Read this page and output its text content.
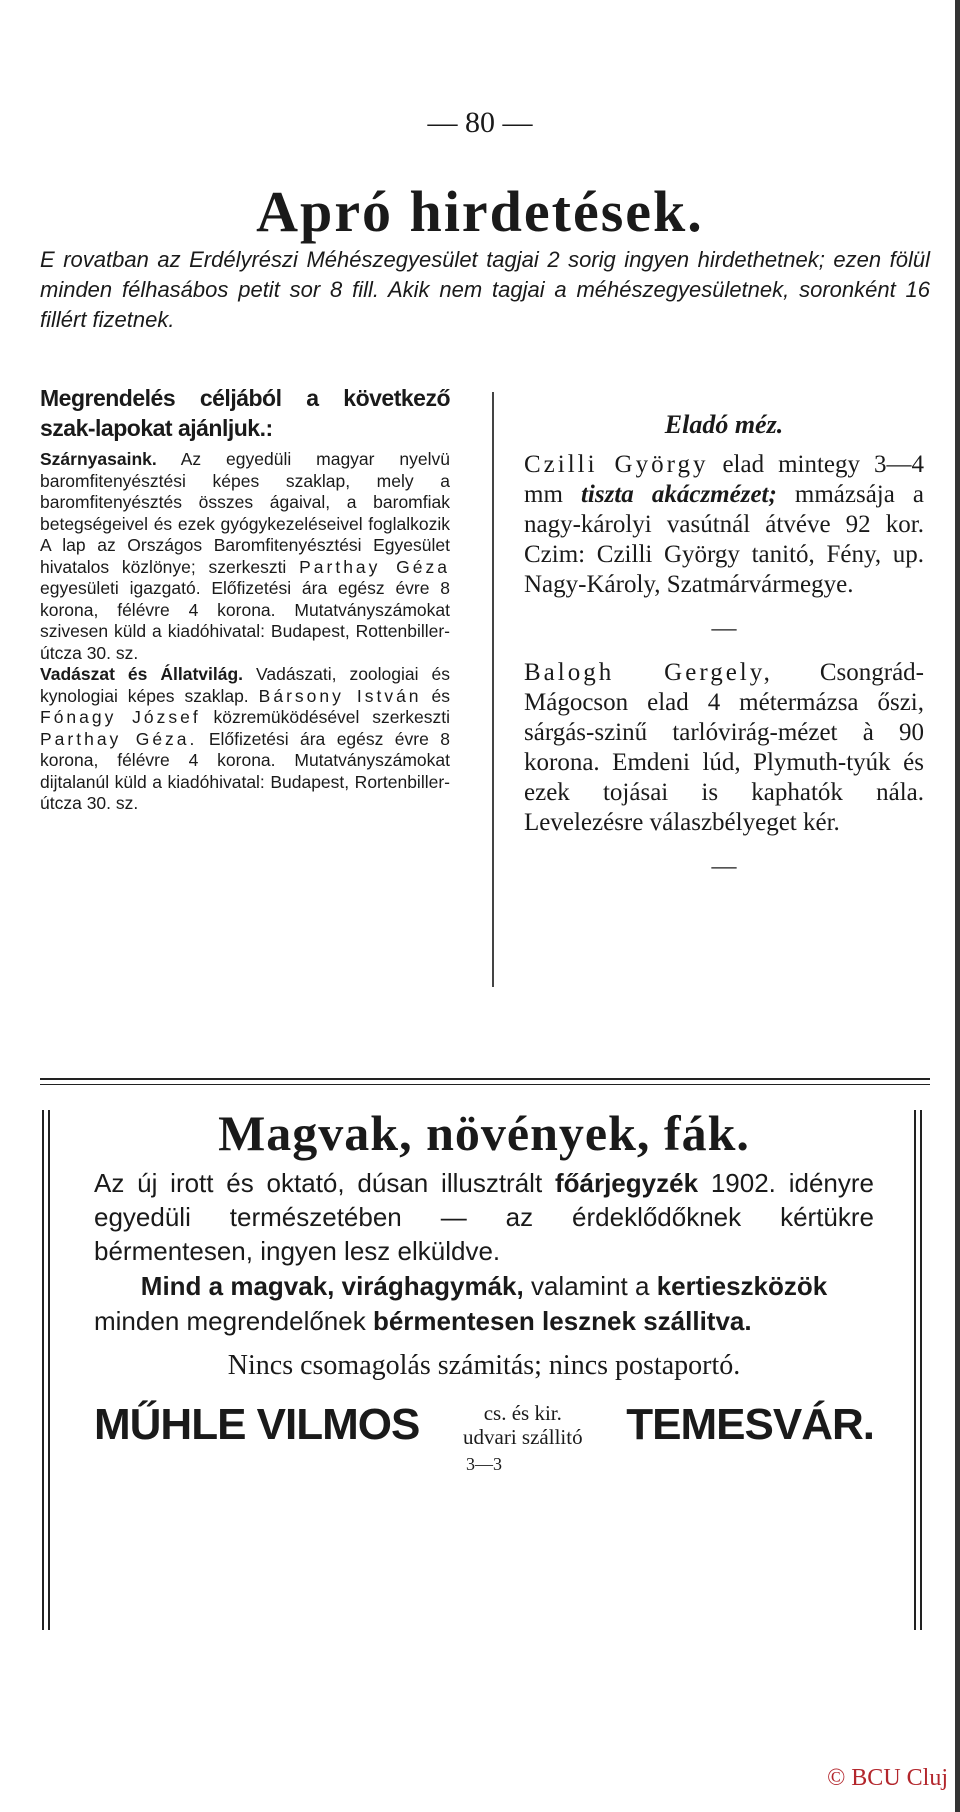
— 80 —
Apró hirdetések.
E rovatban az Erdélyrészi Méhészegyesület tagjai 2 sorig ingyen hirdethetnek; ezen fölül minden félhasábos petit sor 8 fill. Akik nem tagjai a méhészegyesületnek, soronként 16 fillért fizetnek.
Megrendelés céljából a következő szak-lapokat ajánljuk.:

Szárnyasaink. Az egyedüli magyar nyelvü baromfitenyésztési képes szaklap, mely a baromfitenyésztés összes ágaival, a baromfiak betegségeivel és ezek gyógykezeléseivel foglalkozik A lap az Országos Baromfitenyésztési Egyesület hivatalos közlönye; szerkeszti Parthay Géza egyesületi igazgató. Előfizetési ára egész évre 8 korona, félévre 4 korona. Mutatványszámokat szivesen küld a kiadóhivatal: Budapest, Rottenbiller-útcza 30. sz.

Vadászat és Állatvilág. Vadászati, zoologiai és kynologiai képes szaklap. Bársony István és Fónagy József közremüködésével szerkeszti Parthay Géza. Előfizetési ára egész évre 8 korona, félévre 4 korona. Mutatványszámokat dijtalanúl küld a kiadóhivatal: Budapest, Rortenbiller-útcza 30. sz.

Eladó méz.

Czilli György elad mintegy 3—4 mm tiszta akáczmézet; mmázsája a nagy-károlyi vasútnál átvéve 92 kor. Czim: Czilli György tanitó, Fény, up. Nagy-Károly, Szatmárvármegye.

—

Balogh Gergely, Csongrád-Mágocson elad 4 métermázsa őszi, sárgás-szinű tarlóvirág-mézet à 90 korona. Emdeni lúd, Plymuth-tyúk és ezek tojásai is kaphatók nála. Levelezésre válaszbélyeget kér.

—
Magvak, növények, fák.
Az új irott és oktató, dúsan illusztrált főárjegyzék 1902. idényre egyedüli természetében — az érdeklődőknek kértükre bérmentesen, ingyen lesz elküldve.
Mind a magvak, virághagymák, valamint a kertieszközök
minden megrendelőnek bérmentesen lesznek szállitva.
Nincs csomagolás számitás; nincs postaportó.
MŰHLE VILMOS	cs. és kir.
udvari szállitó TEMESVÁR.
3—3
© BCU Cluj
